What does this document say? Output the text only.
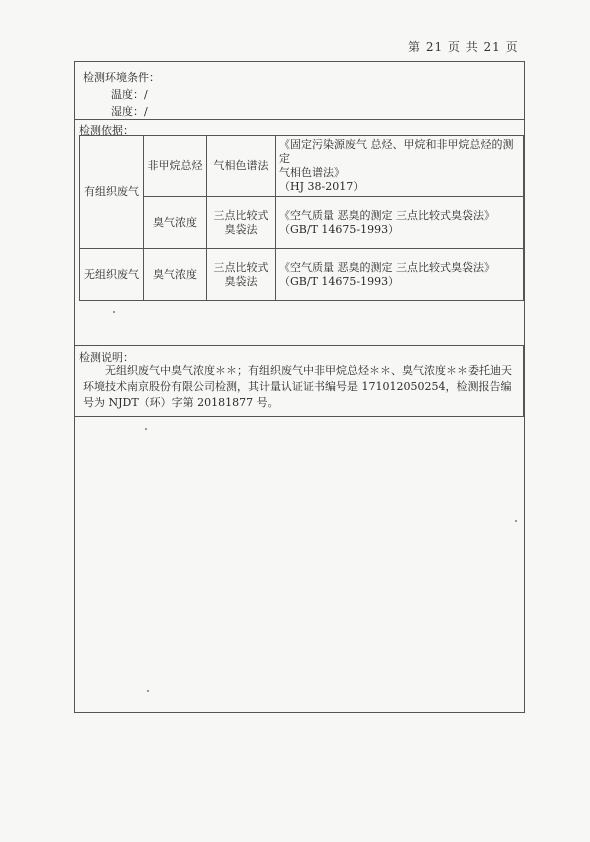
第 21 页 共 21 页
检测环境条件：
温度：/
湿度：/
检测依据：
有组织废气	非甲烷总烃	气相色谱法	《固定污染源废气 总烃、甲烷和非甲烷总烃的测定
气相色谱法》
（HJ 38-2017）

	臭气浓度	三点比较式臭袋法	《空气质量 恶臭的测定 三点比较式臭袋法》
（GB/T 14675-1993）

无组织废气	臭气浓度	三点比较式臭袋法	《空气质量 恶臭的测定 三点比较式臭袋法》
（GB/T 14675-1993）
检测说明：
无组织废气中臭气浓度＊＊；有组织废气中非甲烷总烃＊＊、臭气浓度＊＊委托迪天环境技术南京股份有限公司检测，其计量认证证书编号是 171012050254，检测报告编号为 NJDT（环）字第 20181877 号。
